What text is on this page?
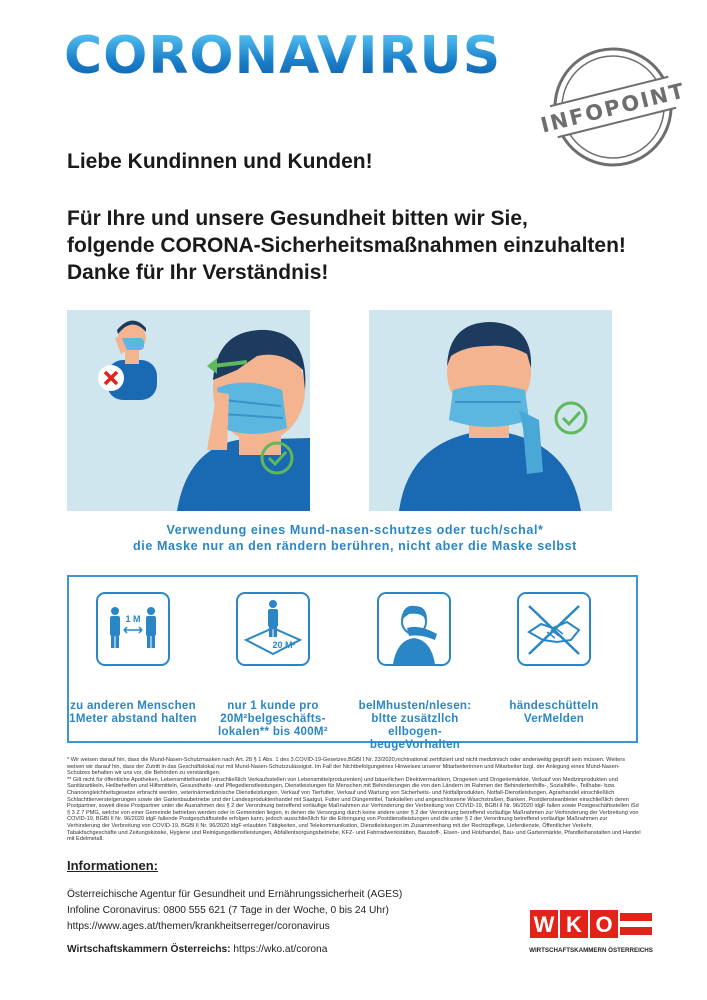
CORONAVIRUS
INFOPOINT
Liebe Kundinnen und Kunden!
Für Ihre und unsere Gesundheit bitten wir Sie,
folgende CORONA-Sicherheitsmaßnahmen einzuhalten!
Danke für Ihr Verständnis!
Verwendung eines Mund-nasen-schutzes oder tuch/schal*
die Maske nur an den rändern berühren, nicht aber die Maske selbst
1 M
20 M²
zu anderen Menschen
1Meter abstand halten
nur 1 kunde pro
20M²belgeschäfts-
lokalen** bis 400M²
belMhusten/nlesen:
bltte zusätzllch
ellbogen-beugeVorhalten
händeschütteln
VerMelden

* Wir weisen darauf hin, dass die Mund-Nasen-Schutzmasken nach Art. 28 § 1 Abs. 1 des 3.COVID-19-Gesetzes,BGBl I Nr. 23/2020,nichtnational zertifiziert und nicht medizinisch oder anderweitig geprüft sein müssen. Weiters weisen wir darauf hin, dass der Zutritt in das Geschäftslokal nur mit Mund-Nasen-Schutzzulässigist. Im Fall der Nichtbefolgungeines Hinweises unserer Mitarbeiterinnen und Mitarbeiter bzgl. der Anlegung eines Mund-Nasen-Schutzes behalten wir uns vor, die Behörden zu verständigen.

** Gilt nicht für öffentliche Apotheken, Lebensmittelhandel (einschließlich Verkaufsstellen von Lebensmittelproduzenten) und bäuerlichen Direktvermarktern, Drogerien und Drogeriemärkte, Verkauf von Medizinprodukten und Sanitärartikeln, Heilbehelfen und Hilfsmitteln, Gesundheits- und Pflegedienstleistungen, Dienstleistungen für Menschen mit Behinderungen die von den Ländern im Rahmen der Behindertenhilfe-, Sozialhilfe-, Teilhabe- bzw. Chancengleichheitsgesetze erbracht werden, veterinärmedizinische Dienstleistungen, Verkauf von Tierfutter, Verkauf und Wartung von Sicherheits- und Notfallprodukten, Notfall-Dienstleistungen, Agrarhandel einschließlich Schlachttierversteigerungen sowie der Gartenbaubetriebe und der Landesproduktenhandel mit Saatgut, Futter und Düngemittel, Tankstellen und angeschlossene Waschstraßen, Banken, Postdiensteanbieter einschließlich deren Postpartner, soweit diese Postpartner unter die Ausnahmen des § 2 der Verordnung betreffend vorläufige Maßnahmen zur Verhinderung der Verbreitung von COVID-19, BGBl II Nr. 96/2020 idgF fallen sowie Postgeschäftsstellen iSd § 3 Z 7 PMG, welche von einer Gemeinde betrieben werden oder in Gemeinden liegen, in denen die Versorgung durch keine andere unter § 2 der Verordnung betreffend vorläufige Maßnahmen zur Verhinderung der Verbreitung von COVID-19, BGBl II Nr. 96/2020 idgF fallende Postgeschäftsstelle erfolgen kann, jedoch ausschließlich für die Erbringung von Postdienstleistungen und die unter § 2 der Verordnung betreffend vorläufige Maßnahmen zur Verhinderung der Verbreitung von COVID-19, BGBl II Nr. 96/2020 idgF erlaubten Tätigkeiten, und Telekommunikation, Dienstleistungen im Zusammenhang mit der Rechtspflege, Lieferdienste, Öffentlicher Verkehr, Tabakfachgeschäfte und Zeitungskioske, Hygiene und Reinigungsdienstleistungen, Abfallentsorgungsbetriebe, KFZ- und Fahrradwerkstätten, Baustoff-, Eisen- und Holzhandel, Bau- und Gartenmärkte, Pfandleihanstalten und Handel mit Edelmetall.

Informationen:
Österreichische Agentur für Gesundheit und Ernährungssicherheit (AGES)
Infoline Coronavirus: 0800 555 621 (7 Tage in der Woche, 0 bis 24 Uhr)
https://www.ages.at/themen/krankheitserreger/coronavirus
Wirtschaftskammern Österreichs: https://wko.at/corona
W K O
WIRTSCHAFTSKAMMERN ÖSTERREICHS
